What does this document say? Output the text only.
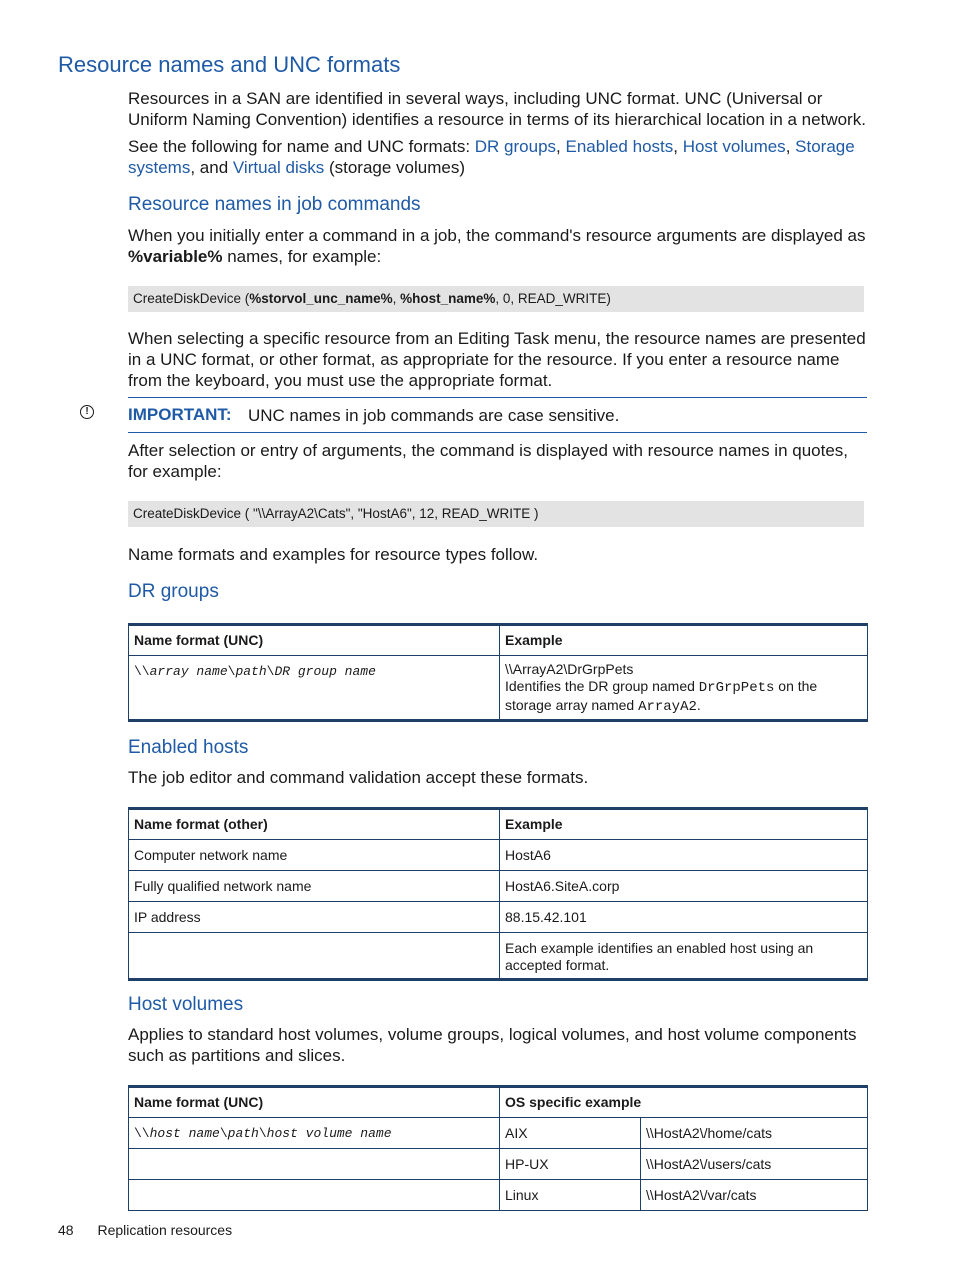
Resource names and UNC formats

Resources in a SAN are identified in several ways, including UNC format. UNC (Universal or Uniform Naming Convention) identifies a resource in terms of its hierarchical location in a network.

See the following for name and UNC formats: DR groups, Enabled hosts, Host volumes, Storage systems, and Virtual disks (storage volumes)

Resource names in job commands

When you initially enter a command in a job, the command's resource arguments are displayed as %variable% names, for example:

CreateDiskDevice (%storvol_unc_name%, %host_name%, 0, READ_WRITE)

When selecting a specific resource from an Editing Task menu, the resource names are presented in a UNC format, or other format, as appropriate for the resource. If you enter a resource name from the keyboard, you must use the appropriate format.

!	IMPORTANT: UNC names in job commands are case sensitive.

After selection or entry of arguments, the command is displayed with resource names in quotes, for example:

CreateDiskDevice ( "\\ArrayA2\Cats", "HostA6", 12, READ_WRITE )

Name formats and examples for resource types follow.

DR groups
Name format (UNC)	Example
\\array name\path\DR group name	\\ArrayA2\DrGrpPets
Identifies the DR group named DrGrpPets on the storage array named ArrayA2.
Enabled hosts

The job editor and command validation accept these formats.

Name format (other)	Example
Computer network name	HostA6
Fully qualified network name	HostA6.SiteA.corp
IP address	88.15.42.101
	Each example identifies an enabled host using an accepted format.
Host volumes

Applies to standard host volumes, volume groups, logical volumes, and host volume components such as partitions and slices.

Name format (UNC)	OS specific example	
\\host name\path\host volume name	AIX	\\HostA2\/home/cats
	HP-UX	\\HostA2\/users/cats
	Linux	\\HostA2\/var/cats
48 Replication resources
